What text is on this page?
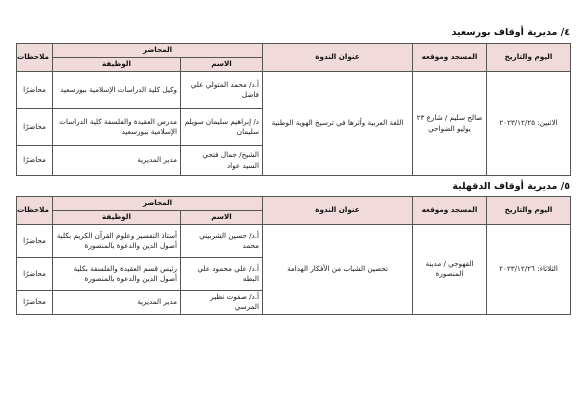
٤/ مديرية أوقاف بورسعيد
اليوم والتاريخ	المسجد وموقعه	عنوان الندوة	المحاضر		ملاحظات
			الاسم	الوظيفة	
الاثنين: ٢٠٢٣/١٢/٢٥	صالح سليم / شارع ٢٣ يوليو الضواحي	اللغة العربية وأثرها في ترسيخ الهوية الوطنية	أ.د/ محمد المتولي علي فاضل	وكيل كلية الدراسات الإسلامية ببورسعيد	محاضرًا
			د/ إبراهيم سليمان سويلم سليمان	مدرس العقيدة والفلسفة كلية الدراسات الإسلامية ببورسعيد	محاضرًا
			الشيخ/ جمال فتحي السيد عواد	مدير المديرية	محاضرًا
٥/ مديرية أوقاف الدقهلية
اليوم والتاريخ	المسجد وموقعه	عنوان الندوة	المحاضر		ملاحظات
			الاسم	الوظيفة	
الثلاثاء: ٢٠٢٣/١٢/٢٦	القهوجي / مدينة المنصورة	تحصين الشباب من الأفكار الهدامة	أ.د/ حسين الشربيني محمد	أستاذ التفسير وعلوم القرآن الكريم بكلية أصول الدين والدعوة بالمنصورة	محاضرًا
			أ.د/ علي محمود علي البطه	رئيس قسم العقيدة والفلسفة بكلية أصول الدين والدعوة بالمنصورة	محاضرًا
			أ.د/ صفوت نظير المرسي	مدير المديرية	محاضرًا
